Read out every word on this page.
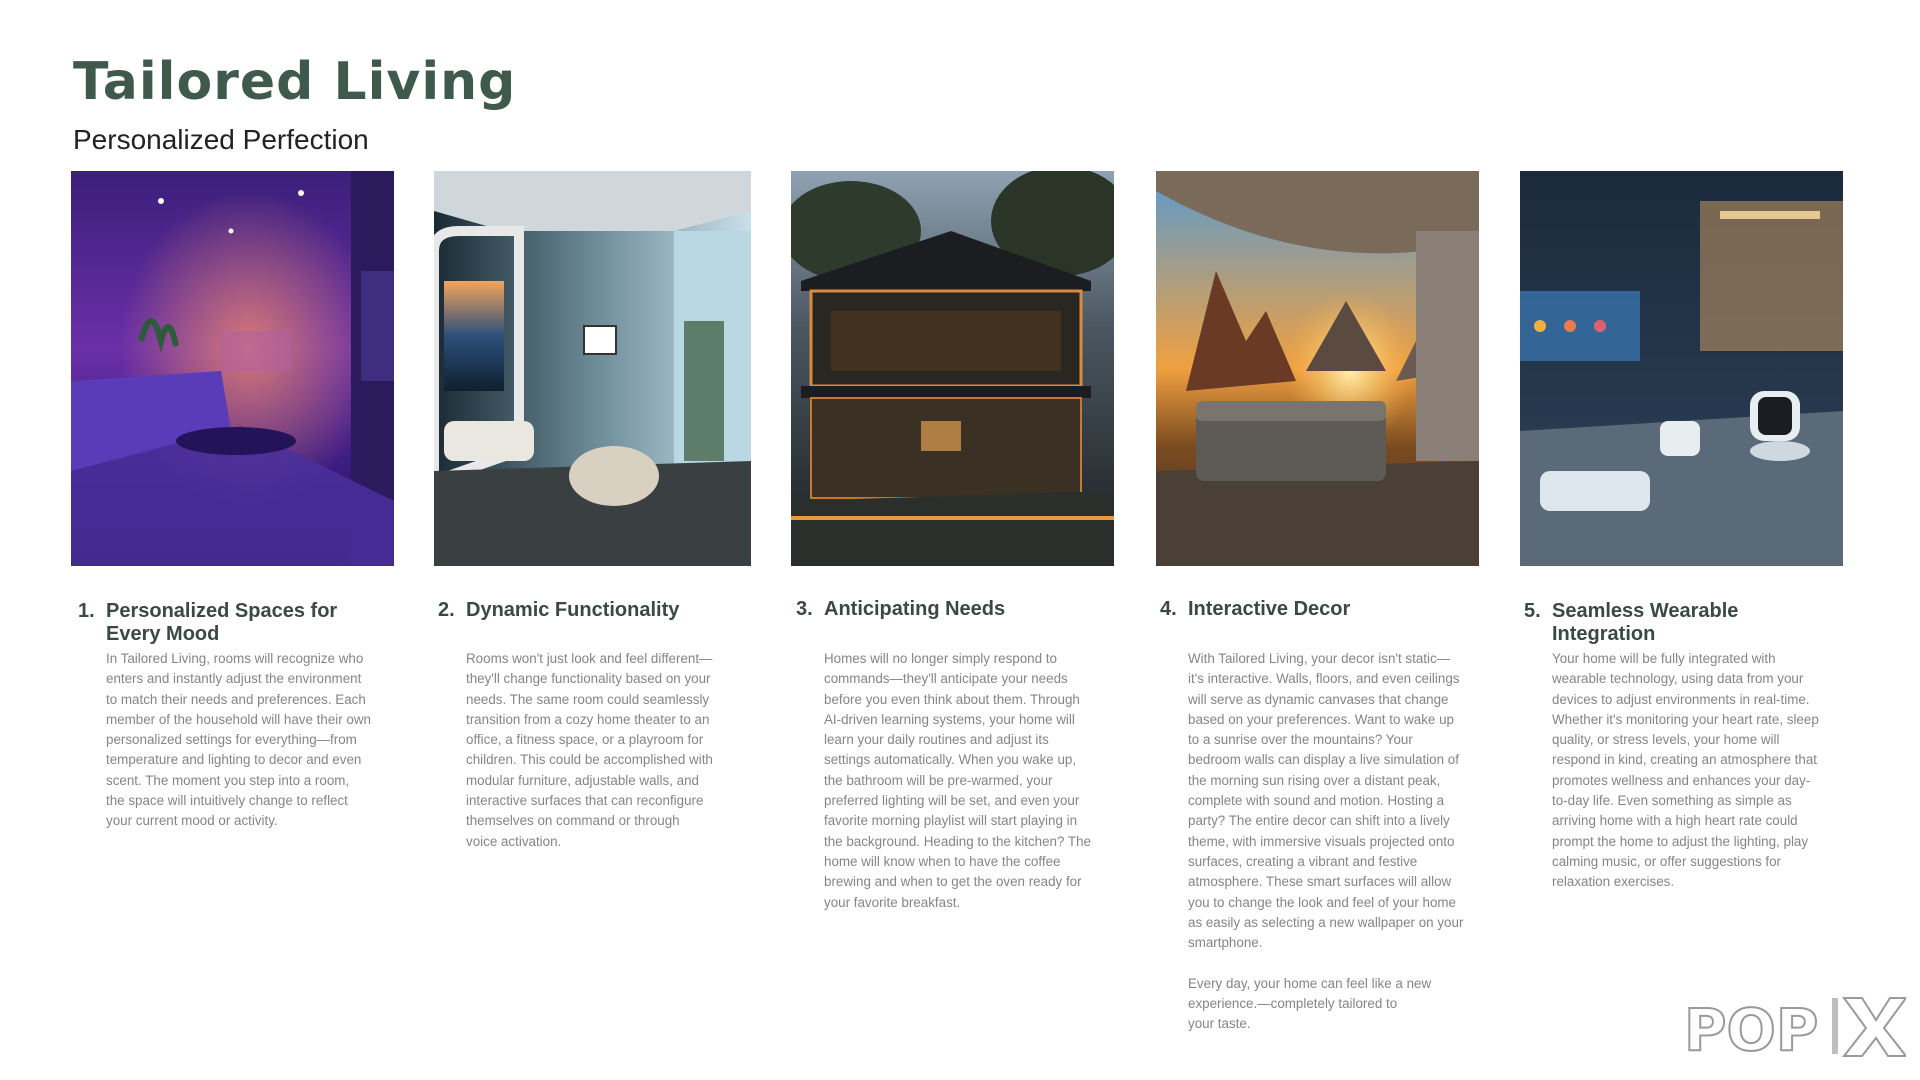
Tailored Living

Personalized Perfection

1. Personalized Spaces for Every Mood
2. Dynamic Functionality	3. Anticipating Needs	4. Interactive Decor	5. Seamless Wearable Integration
In Tailored Living, rooms will recognize who
enters and instantly adjust the environment
to match their needs and preferences. Each
member of the household will have their own
personalized settings for everything—from
temperature and lighting to decor and even
scent. The moment you step into a room,
the space will intuitively change to reflect
your current mood or activity.
Rooms won't just look and feel different—
they'll change functionality based on your
needs. The same room could seamlessly
transition from a cozy home theater to an
office, a fitness space, or a playroom for
children. This could be accomplished with
modular furniture, adjustable walls, and
interactive surfaces that can reconfigure
themselves on command or through
voice activation.
Homes will no longer simply respond to
commands—they'll anticipate your needs
before you even think about them. Through
AI-driven learning systems, your home will
learn your daily routines and adjust its
settings automatically. When you wake up,
the bathroom will be pre-warmed, your
preferred lighting will be set, and even your
favorite morning playlist will start playing in
the background. Heading to the kitchen? The
home will know when to have the coffee
brewing and when to get the oven ready for
your favorite breakfast.
With Tailored Living, your decor isn't static—
it's interactive. Walls, floors, and even ceilings
will serve as dynamic canvases that change
based on your preferences. Want to wake up
to a sunrise over the mountains? Your
bedroom walls can display a live simulation of
the morning sun rising over a distant peak,
complete with sound and motion. Hosting a
party? The entire decor can shift into a lively
theme, with immersive visuals projected onto
surfaces, creating a vibrant and festive
atmosphere. These smart surfaces will allow
you to change the look and feel of your home
as easily as selecting a new wallpaper on your
smartphone.

Every day, your home can feel like a new
experience.—completely tailored to
your taste.
Your home will be fully integrated with
wearable technology, using data from your
devices to adjust environments in real-time.
Whether it's monitoring your heart rate, sleep
quality, or stress levels, your home will
respond in kind, creating an atmosphere that
promotes wellness and enhances your day-
to-day life. Even something as simple as
arriving home with a high heart rate could
prompt the home to adjust the lighting, play
calming music, or offer suggestions for
relaxation exercises.
POP
